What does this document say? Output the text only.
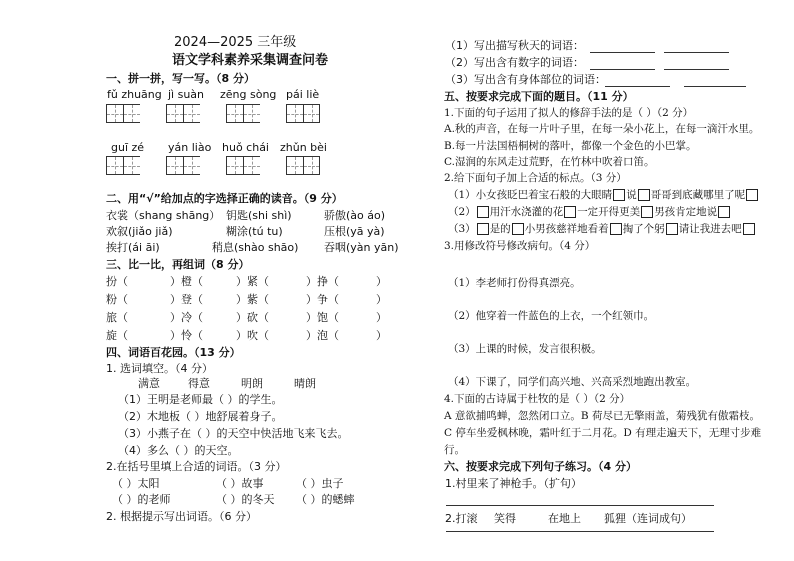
2024—2025 三年级
语文学科素养采集调查问卷
一、拼一拼，写一写。（8 分）
fǔ zhuāng jì suàn zēng sòng pái liè
guī zé yán liào huǒ chái zhǔn bèi
二、用“√”给加点的字选择正确的读音。（9 分）
衣裳（shang shāng） 钥匙(shi shì)	骄傲(ào áo)
欢叙(jiǎo jiǎ)	糊涂(tú tu)	压根(yā yà)
挨打(ái āi)	稍息(shào shāo) 吞咽(yàn yān)
三、比一比，再组词（8 分）
扮（	）橙（	）紧（	）挣（	）
粉（	）登（	）紫（	）争（	）
旅（	）冷（	）砍（	）饱（	）
旋（	）怜（	）吹（	）泡（	）
四、词语百花园。（13 分）
1. 选词填空。（4 分）
满意	得意	明朗	晴朗
（1）王明是老师最（ ）的学生。
（2）木地板（ ）地舒展着身子。
（3）小燕子在（ ）的天空中快活地飞来飞去。
（4）多么（ ）的天空。
2.在括号里填上合适的词语。（3 分）
（ ）太阳	（ ）故事	（ ）虫子
（ ）的老师	（ ）的冬天 （ ）的蟋蟀
2. 根据提示写出词语。（6 分）
（1）写出描写秋天的词语：
（2）写出含有数字的词语：
（3）写出含有身体部位的词语：
五、按要求完成下面的题目。（11 分）
1.下面的句子运用了拟人的修辞手法的是（ ）（2 分）
A.秋的声音，在每一片叶子里，在每一朵小花上，在每一滴汗水里。
B.每一片法国梧桐树的落叶，都像一个金色的小巴掌。
C.湿润的东风走过荒野，在竹林中吹着口笛。
2.给下面句子加上合适的标点。（3 分）
（1）小女孩眨巴着宝石般的大眼睛 说 哥哥到底藏哪里了呢
（2） 用汗水浇灌的花 一定开得更美 男孩肯定地说
（3） 是的 小男孩慈祥地看着 掏了个躬 请让我进去吧
3.用修改符号修改病句。（4 分）
（1）李老师打份得真漂亮。
（2）他穿着一件蓝色的上衣，一个红领巾。
（3）上课的时候，发言很积极。
（4）下课了，同学们高兴地、兴高采烈地跑出教室。
4.下面的古诗属于杜牧的是（ ）（2 分）
A 意欲捕鸣蝉，忽然闭口立。B 荷尽已无擎雨盖，菊残犹有傲霜枝。
C 停车坐爱枫林晚，霜叶红于二月花。D 有理走遍天下，无理寸步难
行。
六、按要求完成下列句子练习。（4 分）
1.村里来了神枪手。（扩句）
2.打滚 笑得	在地上 狐狸（连词成句）
